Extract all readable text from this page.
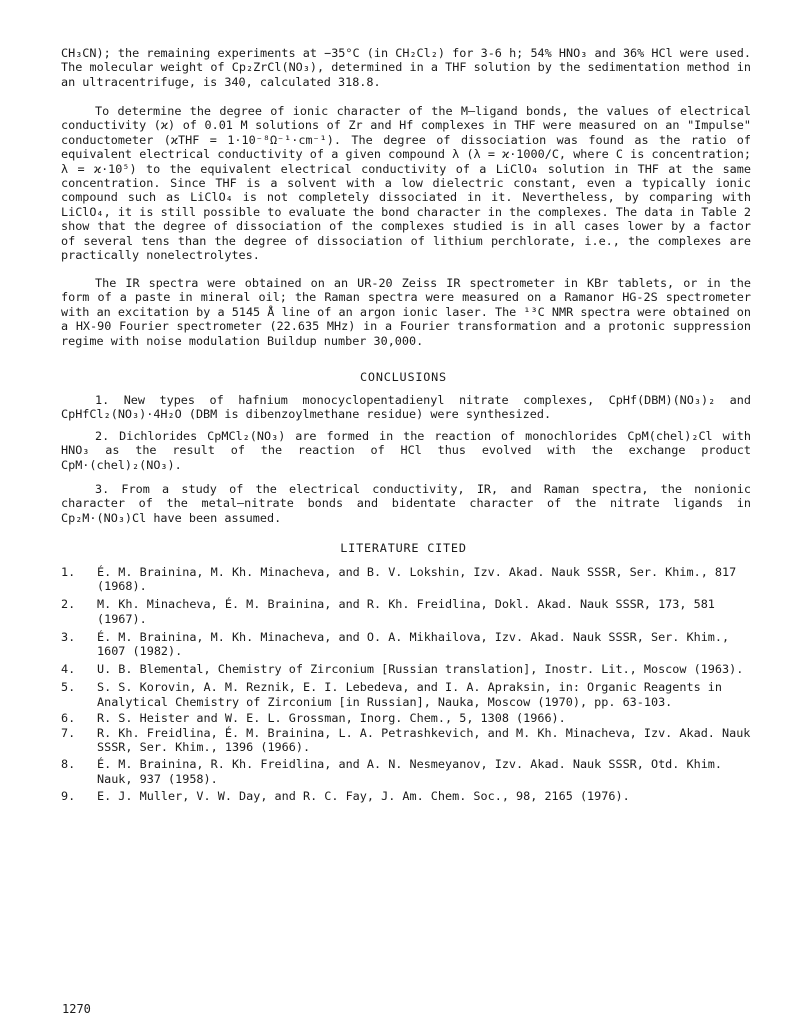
CH₃CN); the remaining experiments at −35°C (in CH₂Cl₂) for 3-6 h; 54% HNO₃ and 36% HCl were used. The molecular weight of Cp₂ZrCl(NO₃), determined in a THF solution by the sedimentation method in an ultracentrifuge, is 340, calculated 318.8.

To determine the degree of ionic character of the M—ligand bonds, the values of electrical conductivity (ϰ) of 0.01 M solutions of Zr and Hf complexes in THF were measured on an "Impulse" conductometer (ϰTHF = 1·10⁻⁸Ω⁻¹·cm⁻¹). The degree of dissociation was found as the ratio of equivalent electrical conductivity of a given compound λ (λ = ϰ·1000/C, where C is concentration; λ = ϰ·10⁵) to the equivalent electrical conductivity of a LiClO₄ solution in THF at the same concentration. Since THF is a solvent with a low dielectric constant, even a typically ionic compound such as LiClO₄ is not completely dissociated in it. Nevertheless, by comparing with LiClO₄, it is still possible to evaluate the bond character in the complexes. The data in Table 2 show that the degree of dissociation of the complexes studied is in all cases lower by a factor of several tens than the degree of dissociation of lithium perchlorate, i.e., the complexes are practically nonelectrolytes.

The IR spectra were obtained on an UR-20 Zeiss IR spectrometer in KBr tablets, or in the form of a paste in mineral oil; the Raman spectra were measured on a Ramanor HG-2S spectrometer with an excitation by a 5145 Å line of an argon ionic laser. The ¹³C NMR spectra were obtained on a HX-90 Fourier spectrometer (22.635 MHz) in a Fourier transformation and a protonic suppression regime with noise modulation Buildup number 30,000.

CONCLUSIONS

1. New types of hafnium monocyclopentadienyl nitrate complexes, CpHf(DBM)(NO₃)₂ and CpHfCl₂(NO₃)·4H₂O (DBM is dibenzoylmethane residue) were synthesized.

2. Dichlorides CpMCl₂(NO₃) are formed in the reaction of monochlorides CpM(chel)₂Cl with HNO₃ as the result of the reaction of HCl thus evolved with the exchange product CpM·(chel)₂(NO₃).

3. From a study of the electrical conductivity, IR, and Raman spectra, the nonionic character of the metal—nitrate bonds and bidentate character of the nitrate ligands in Cp₂M·(NO₃)Cl have been assumed.

LITERATURE CITED
1.	É. M. Brainina, M. Kh. Minacheva, and B. V. Lokshin, Izv. Akad. Nauk SSSR, Ser. Khim., 817 (1968).
2.	M. Kh. Minacheva, É. M. Brainina, and R. Kh. Freidlina, Dokl. Akad. Nauk SSSR, 173, 581 (1967).
3.	É. M. Brainina, M. Kh. Minacheva, and O. A. Mikhailova, Izv. Akad. Nauk SSSR, Ser. Khim., 1607 (1982).
4.	U. B. Blemental, Chemistry of Zirconium [Russian translation], Inostr. Lit., Moscow (1963).
5.	S. S. Korovin, A. M. Reznik, E. I. Lebedeva, and I. A. Apraksin, in: Organic Reagents in Analytical Chemistry of Zirconium [in Russian], Nauka, Moscow (1970), pp. 63-103.
6.	R. S. Heister and W. E. L. Grossman, Inorg. Chem., 5, 1308 (1966).
7.	R. Kh. Freidlina, É. M. Brainina, L. A. Petrashkevich, and M. Kh. Minacheva, Izv. Akad. Nauk SSSR, Ser. Khim., 1396 (1966).
8.	É. M. Brainina, R. Kh. Freidlina, and A. N. Nesmeyanov, Izv. Akad. Nauk SSSR, Otd. Khim. Nauk, 937 (1958).
9.	E. J. Muller, V. W. Day, and R. C. Fay, J. Am. Chem. Soc., 98, 2165 (1976).
1270
